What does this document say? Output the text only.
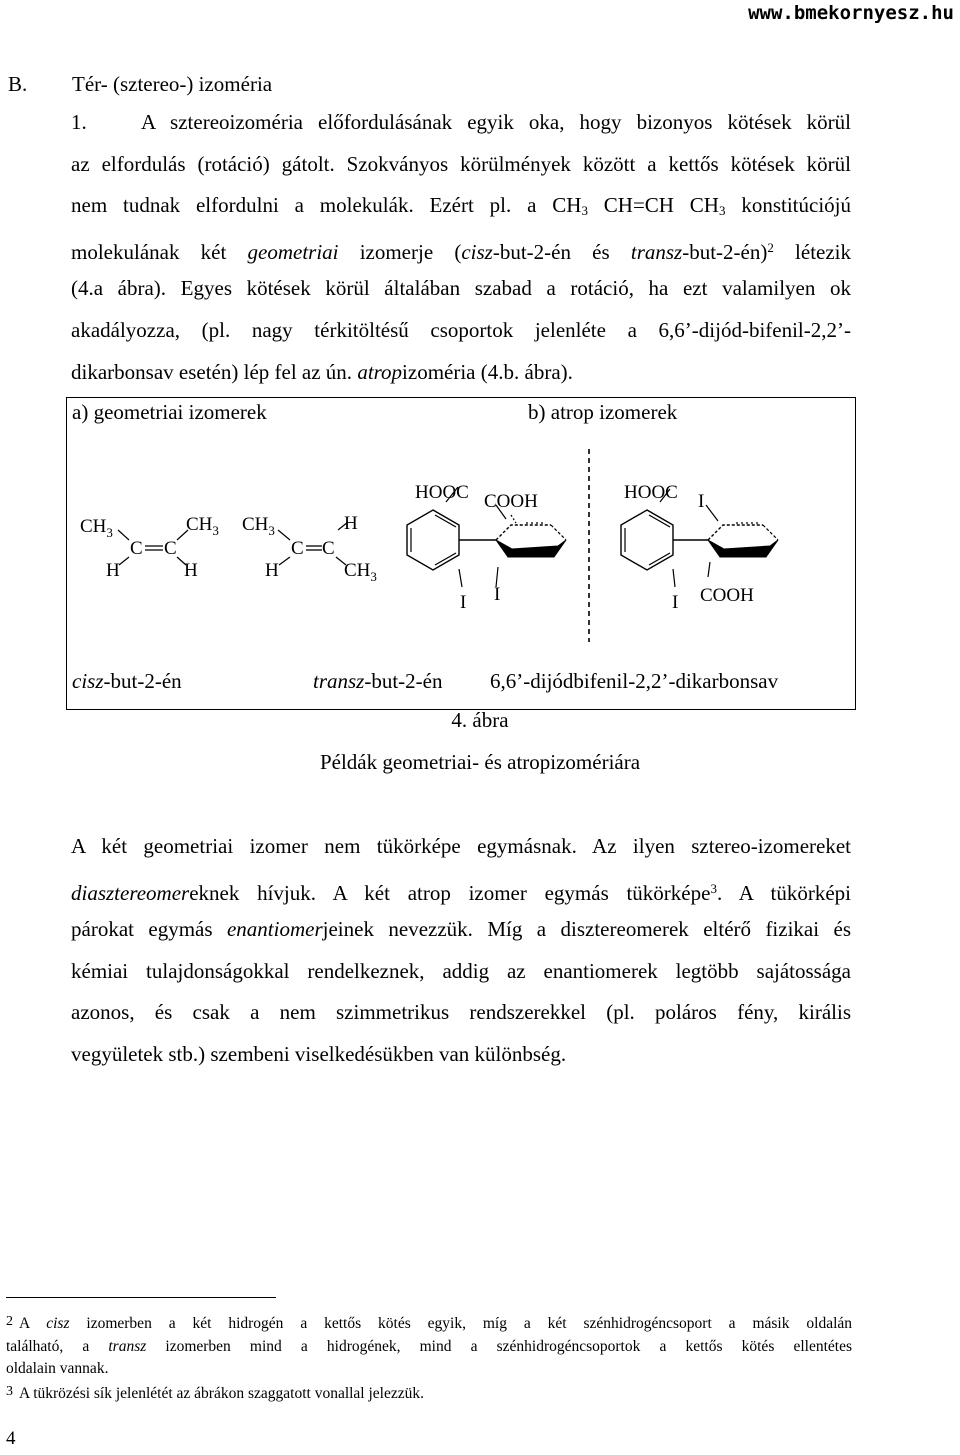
www.bmekornyesz.hu
B. Tér- (sztereo-) izoméria
1.	A sztereoizoméria előfordulásának egyik oka, hogy bizonyos kötések körül
az elfordulás (rotáció) gátolt. Szokványos körülmények között a kettős kötések körül
nem tudnak elfordulni a molekulák. Ezért pl. a $CH_3$ CH=CH $CH_3$ konstitúciójú
molekulának két geometriai izomerje (cisz-but-2-én és transz-but-2-én)$^2$ létezik
(4.a ábra). Egyes kötések körül általában szabad a rotáció, ha ezt valamilyen ok
akadályozza, (pl. nagy térkitöltésű csoportok jelenléte a 6,6’-dijód-bifenil-2,2’-
dikarbonsav esetén) lép fel az ún. atropizoméria (4.b. ábra).
a) geometriai izomerek	b) atrop izomerek
$CH_3$	$CH_3$
C C
H	H
$CH_3$	H
C C
H	$CH_3$
HOOC COOH
I I
HOOC I
I COOH
cisz-but-2-én	transz-but-2-én 6,6’-dijódbifenil-2,2’-dikarbonsav
4. ábra
Példák geometriai- és atropizomériára
A két geometriai izomer nem tükörképe egymásnak. Az ilyen sztereo-izomereket
diasztereomereknek hívjuk. A két atrop izomer egymás tükörképe$^3$. A tükörképi
párokat egymás enantiomerjeinek nevezzük. Míg a disztereomerek eltérő fizikai és
kémiai tulajdonságokkal rendelkeznek, addig az enantiomerek legtöbb sajátossága
azonos, és csak a nem szimmetrikus rendszerekkel (pl. poláros fény, királis
vegyületek stb.) szembeni viselkedésükben van különbség.
2 A cisz izomerben a két hidrogén a kettős kötés egyik, míg a két szénhidrogéncsoport a másik oldalán
található, a transz izomerben mind a hidrogének, mind a szénhidrogéncsoportok a kettős kötés ellentétes
oldalain vannak.
3 A tükrözési sík jelenlétét az ábrákon szaggatott vonallal jelezzük.
4
